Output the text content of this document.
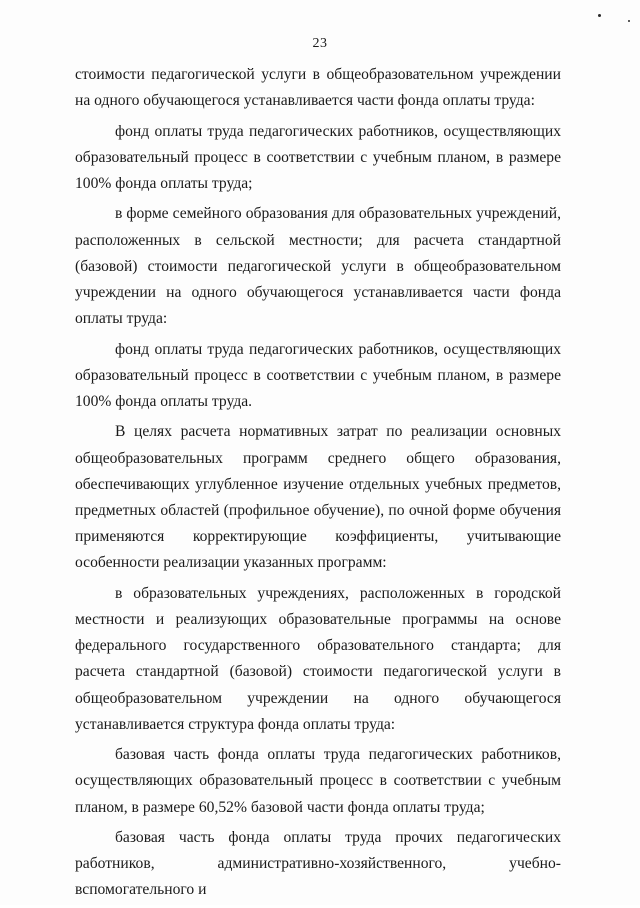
23

стоимости педагогической услуги в общеобразовательном учреждении на одного обучающегося устанавливается части фонда оплаты труда:

фонд оплаты труда педагогических работников, осуществляющих образовательный процесс в соответствии с учебным планом, в размере 100% фонда оплаты труда;

в форме семейного образования для образовательных учреждений, расположенных в сельской местности; для расчета стандартной (базовой) стоимости педагогической услуги в общеобразовательном учреждении на одного обучающегося устанавливается части фонда оплаты труда:

фонд оплаты труда педагогических работников, осуществляющих образовательный процесс в соответствии с учебным планом, в размере 100% фонда оплаты труда.

В целях расчета нормативных затрат по реализации основных общеобразовательных программ среднего общего образования, обеспечивающих углубленное изучение отдельных учебных предметов, предметных областей (профильное обучение), по очной форме обучения применяются корректирующие коэффициенты, учитывающие особенности реализации указанных программ:

в образовательных учреждениях, расположенных в городской местности и реализующих образовательные программы на основе федерального государственного образовательного стандарта; для расчета стандартной (базовой) стоимости педагогической услуги в общеобразовательном учреждении на одного обучающегося устанавливается структура фонда оплаты труда:

базовая часть фонда оплаты труда педагогических работников, осуществляющих образовательный процесс в соответствии с учебным планом, в размере 60,52% базовой части фонда оплаты труда;

базовая часть фонда оплаты труда прочих педагогических работников, административно-хозяйственного, учебно-вспомогательного и
